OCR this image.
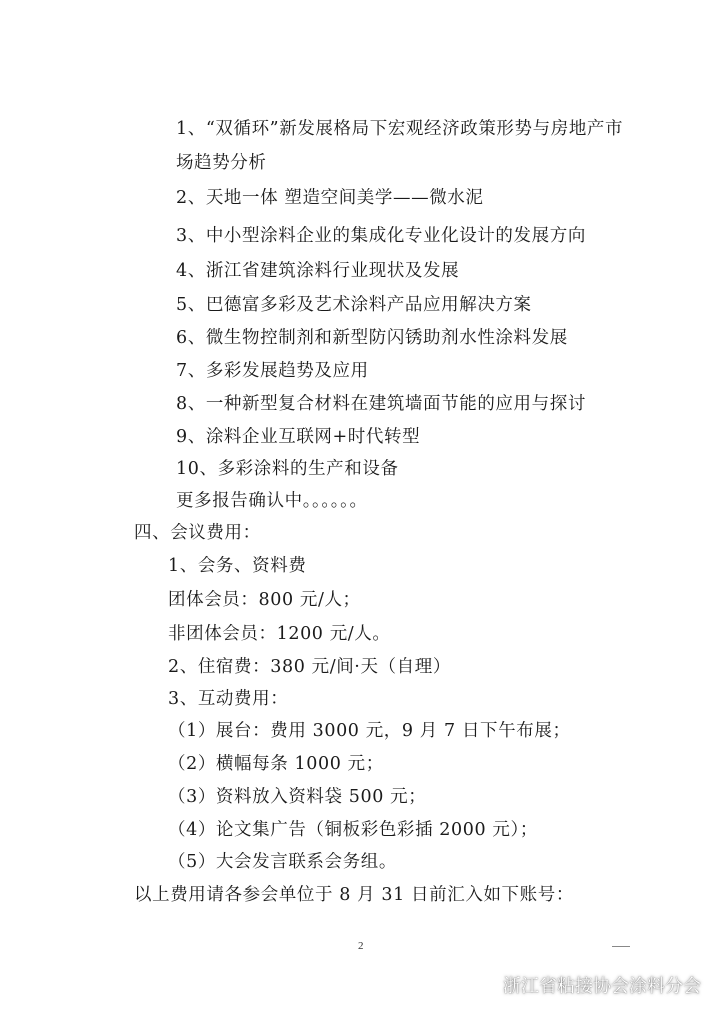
1、“双循环”新发展格局下宏观经济政策形势与房地产市
场趋势分析
2、天地一体 塑造空间美学——微水泥
3、中小型涂料企业的集成化专业化设计的发展方向
4、浙江省建筑涂料行业现状及发展
5、巴德富多彩及艺术涂料产品应用解决方案
6、微生物控制剂和新型防闪锈助剂水性涂料发展
7、多彩发展趋势及应用
8、一种新型复合材料在建筑墙面节能的应用与探讨
9、涂料企业互联网+时代转型
10、多彩涂料的生产和设备
更多报告确认中。。。。。。
四、会议费用：
1、会务、资料费
团体会员：800 元/人；
非团体会员：1200 元/人。
2、住宿费：380 元/间·天（自理）
3、互动费用：
（1）展台：费用 3000 元，9 月 7 日下午布展；
（2）横幅每条 1000 元；
（3）资料放入资料袋 500 元；
（4）论文集广告（铜板彩色彩插 2000 元）；
（5）大会发言联系会务组。
以上费用请各参会单位于 8 月 31 日前汇入如下账号：
2
浙江省粘接协会涂料分会
